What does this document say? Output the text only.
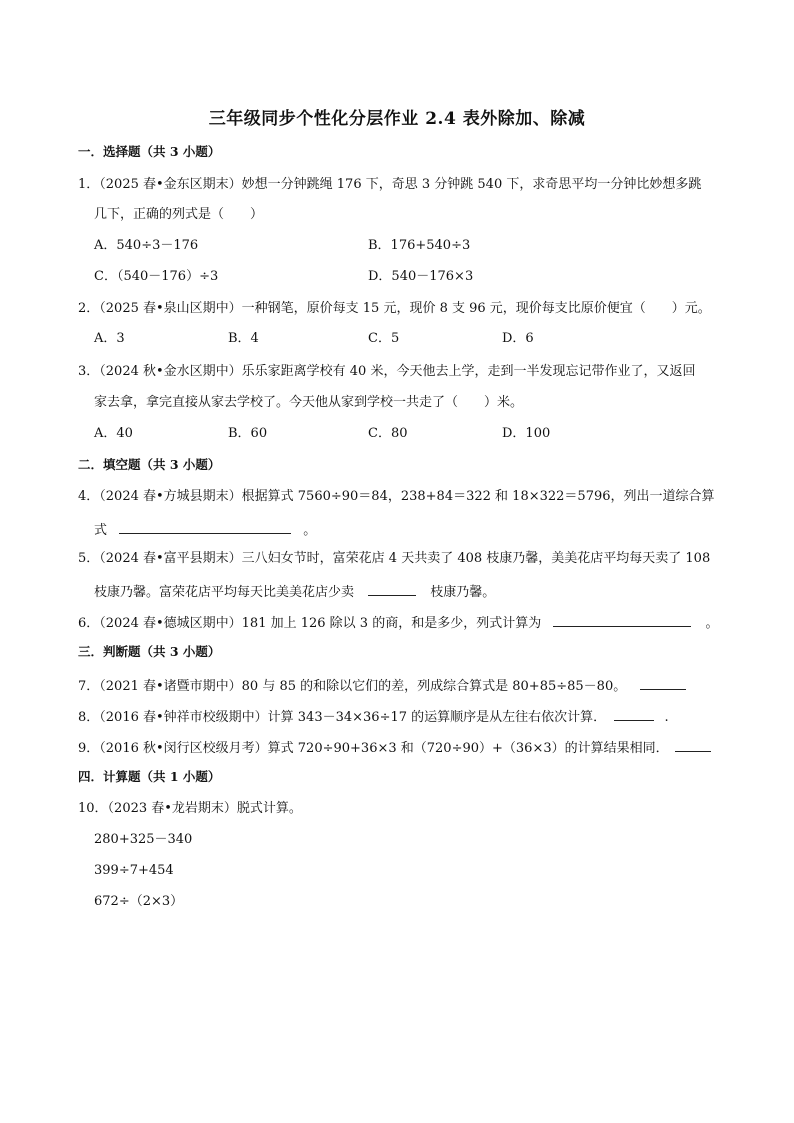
三年级同步个性化分层作业 2.4 表外除加、除减
一．选择题（共 3 小题）
1．（2025 春•金东区期末）妙想一分钟跳绳 176 下，奇思 3 分钟跳 540 下，求奇思平均一分钟比妙想多跳
几下，正确的列式是（　　）
A．540÷3－176	B．176+540÷3
C．（540－176）÷3	D．540－176×3
2．（2025 春•泉山区期中）一种钢笔，原价每支 15 元，现价 8 支 96 元，现价每支比原价便宜（　　）元。
A．3	B．4	C．5	D．6
3．（2024 秋•金水区期中）乐乐家距离学校有 40 米，今天他去上学，走到一半发现忘记带作业了，又返回
家去拿，拿完直接从家去学校了。今天他从家到学校一共走了（　　）米。
A．40	B．60	C．80	D．100
二．填空题（共 3 小题）
4．（2024 春•方城县期末）根据算式 7560÷90＝84，238+84＝322 和 18×322＝5796，列出一道综合算
式	。
5．（2024 春•富平县期末）三八妇女节时，富荣花店 4 天共卖了 408 枝康乃馨，美美花店平均每天卖了 108
枝康乃馨。富荣花店平均每天比美美花店少卖	枝康乃馨。
6．（2024 春•德城区期中）181 加上 126 除以 3 的商，和是多少，列式计算为	。
三．判断题（共 3 小题）
7．（2021 春•诸暨市期中）80 与 85 的和除以它们的差，列成综合算式是 80+85÷85－80。
8．（2016 春•钟祥市校级期中）计算 343－34×36÷17 的运算顺序是从左往右依次计算．	.
9．（2016 秋•闵行区校级月考）算式 720÷90+36×3 和（720÷90）+（36×3）的计算结果相同．
四．计算题（共 1 小题）
10．（2023 春•龙岩期末）脱式计算。
280+325－340
399÷7+454
672÷（2×3）
